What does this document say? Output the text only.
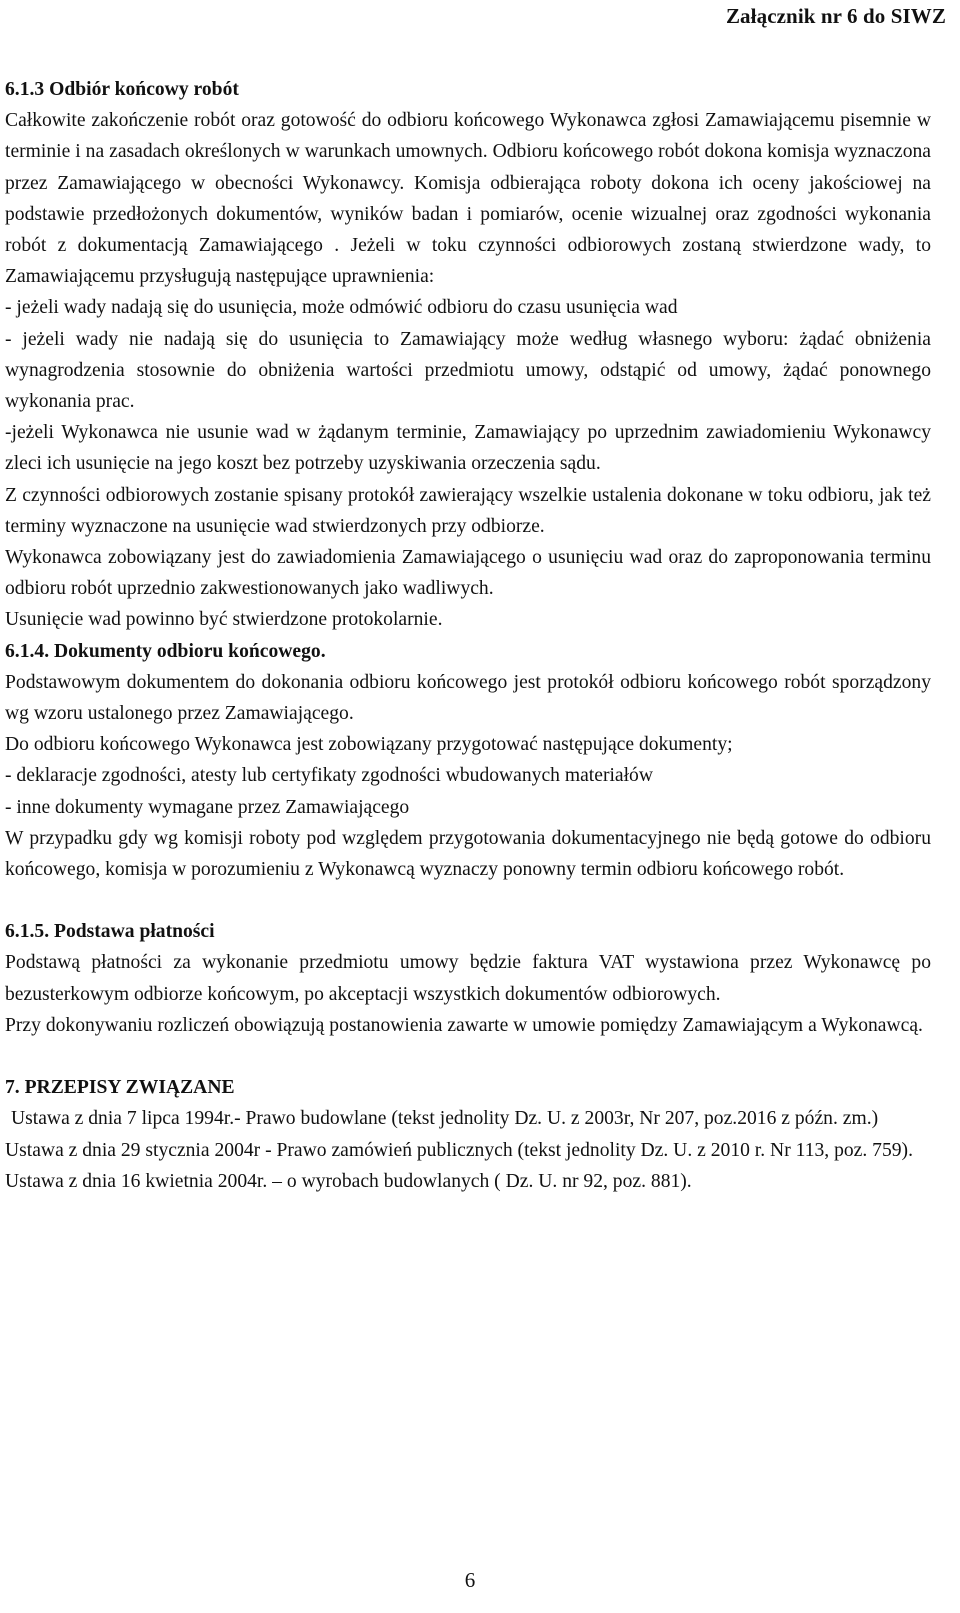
Załącznik nr 6 do SIWZ

6.1.3 Odbiór końcowy robót

Całkowite zakończenie robót oraz gotowość do odbioru końcowego Wykonawca zgłosi Zamawiającemu pisemnie w terminie i na zasadach określonych w warunkach umownych. Odbioru końcowego robót dokona komisja wyznaczona przez Zamawiającego w obecności Wykonawcy. Komisja odbierająca roboty dokona ich oceny jakościowej na podstawie przedłożonych dokumentów, wyników badan i pomiarów, ocenie wizualnej oraz zgodności wykonania robót z dokumentacją Zamawiającego . Jeżeli w toku czynności odbiorowych zostaną stwierdzone wady, to Zamawiającemu przysługują następujące uprawnienia:

- jeżeli wady nadają się do usunięcia, może odmówić odbioru do czasu usunięcia wad

- jeżeli wady nie nadają się do usunięcia to Zamawiający może według własnego wyboru: żądać obniżenia wynagrodzenia stosownie do obniżenia wartości przedmiotu umowy, odstąpić od umowy, żądać ponownego wykonania prac.

-jeżeli Wykonawca nie usunie wad w żądanym terminie, Zamawiający po uprzednim zawiadomieniu Wykonawcy zleci ich usunięcie na jego koszt bez potrzeby uzyskiwania orzeczenia sądu.

Z czynności odbiorowych zostanie spisany protokół zawierający wszelkie ustalenia dokonane w toku odbioru, jak też terminy wyznaczone na usunięcie wad stwierdzonych przy odbiorze.

Wykonawca zobowiązany jest do zawiadomienia Zamawiającego o usunięciu wad oraz do zaproponowania terminu odbioru robót uprzednio zakwestionowanych jako wadliwych.

Usunięcie wad powinno być stwierdzone protokolarnie.

6.1.4. Dokumenty odbioru końcowego.

Podstawowym dokumentem do dokonania odbioru końcowego jest protokół odbioru końcowego robót sporządzony wg wzoru ustalonego przez Zamawiającego.

Do odbioru końcowego Wykonawca jest zobowiązany przygotować następujące dokumenty;

- deklaracje zgodności, atesty lub certyfikaty zgodności wbudowanych materiałów

- inne dokumenty wymagane przez Zamawiającego

W przypadku gdy wg komisji roboty pod względem przygotowania dokumentacyjnego nie będą gotowe do odbioru końcowego, komisja w porozumieniu z Wykonawcą wyznaczy ponowny termin odbioru końcowego robót.

6.1.5. Podstawa płatności

Podstawą płatności za wykonanie przedmiotu umowy będzie faktura VAT wystawiona przez Wykonawcę po bezusterkowym odbiorze końcowym, po akceptacji wszystkich dokumentów odbiorowych.

Przy dokonywaniu rozliczeń obowiązują postanowienia zawarte w umowie pomiędzy Zamawiającym a Wykonawcą.

7. PRZEPISY ZWIĄZANE

Ustawa z dnia 7 lipca 1994r.- Prawo budowlane (tekst jednolity Dz. U. z 2003r, Nr 207, poz.2016 z późn. zm.)

Ustawa z dnia 29 stycznia 2004r - Prawo zamówień publicznych (tekst jednolity Dz. U. z 2010 r. Nr 113, poz. 759).

Ustawa z dnia 16 kwietnia 2004r. – o wyrobach budowlanych ( Dz. U. nr 92, poz. 881).

6
